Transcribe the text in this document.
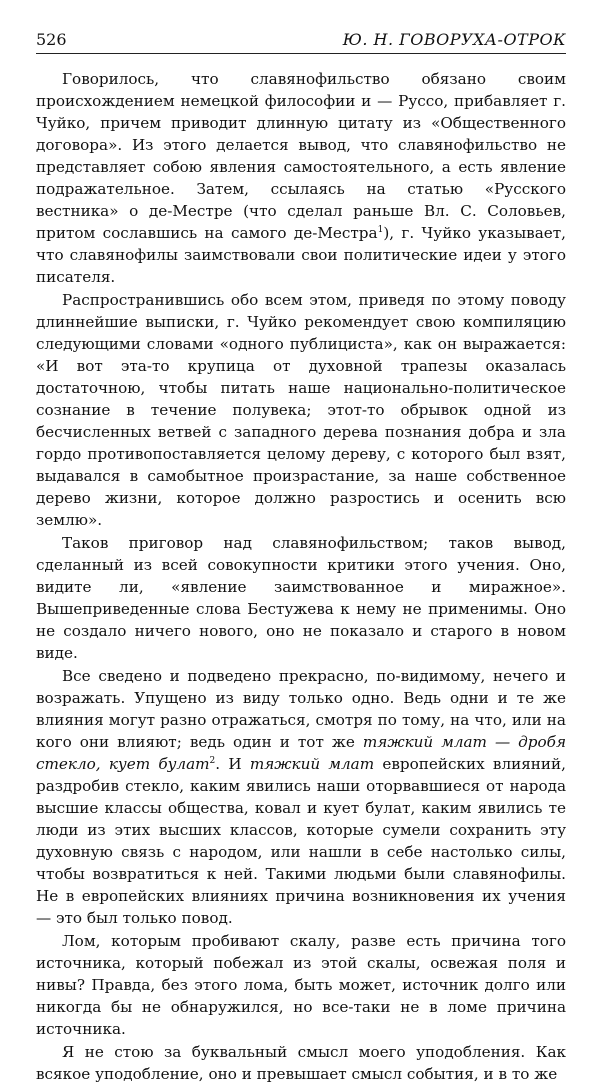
526	Ю. Н. ГОВОРУХА-ОТРОК

Говорилось, что славянофильство обязано своим происхождением немецкой философии и — Руссо, прибавляет г. Чуйко, причем приводит длинную цитату из «Общественного договора». Из этого делается вывод, что славянофильство не представляет собою явления самостоятельного, а есть явление подражательное. Затем, ссылаясь на статью «Русского вестника» о де-Местре (что сделал раньше Вл. С. Соловьев, притом сославшись на самого де-Местра$^1$), г. Чуйко указывает, что славянофилы заимствовали свои политические идеи у этого писателя.

Распространившись обо всем этом, приведя по этому поводу длиннейшие выписки, г. Чуйко рекомендует свою компиляцию следующими словами «одного публициста», как он выражается: «И вот эта-то крупица от духовной трапезы оказалась достаточною, чтобы питать наше национально-политическое сознание в течение полувека; этот-то обрывок одной из бесчисленных ветвей с западного дерева познания добра и зла гордо противопоставляется целому дереву, с которого был взят, выдавался в самобытное произрастание, за наше собственное дерево жизни, которое должно разростись и осенить всю землю».

Таков приговор над славянофильством; таков вывод, сделанный из всей совокупности критики этого учения. Оно, видите ли, «явление заимствованное и миражное». Вышеприведенные слова Бестужева к нему не применимы. Оно не создало ничего нового, оно не показало и старого в новом виде.

Все сведено и подведено прекрасно, по-видимому, нечего и возражать. Упущено из виду только одно. Ведь одни и те же влияния могут разно отражаться, смотря по тому, на что, или на кого они влияют; ведь один и тот же тяжкий млат — дробя стекло, кует булат$^2$. И тяжкий млат европейских влияний, раздробив стекло, каким явились наши оторвавшиеся от народа высшие классы общества, ковал и кует булат, каким явились те люди из этих высших классов, которые сумели сохранить эту духовную связь с народом, или нашли в себе настолько силы, чтобы возвратиться к ней. Такими людьми были славянофилы. Не в европейских влияниях причина возникновения их учения — это был только повод.

Лом, которым пробивают скалу, разве есть причина того источника, который побежал из этой скалы, освежая поля и нивы? Правда, без этого лома, быть может, источник долго или никогда бы не обнаружился, но все-таки не в ломе причина источника.

Я не стою за буквальный смысл моего уподобления. Как всякое уподобление, оно и превышает смысл события, и в то же
